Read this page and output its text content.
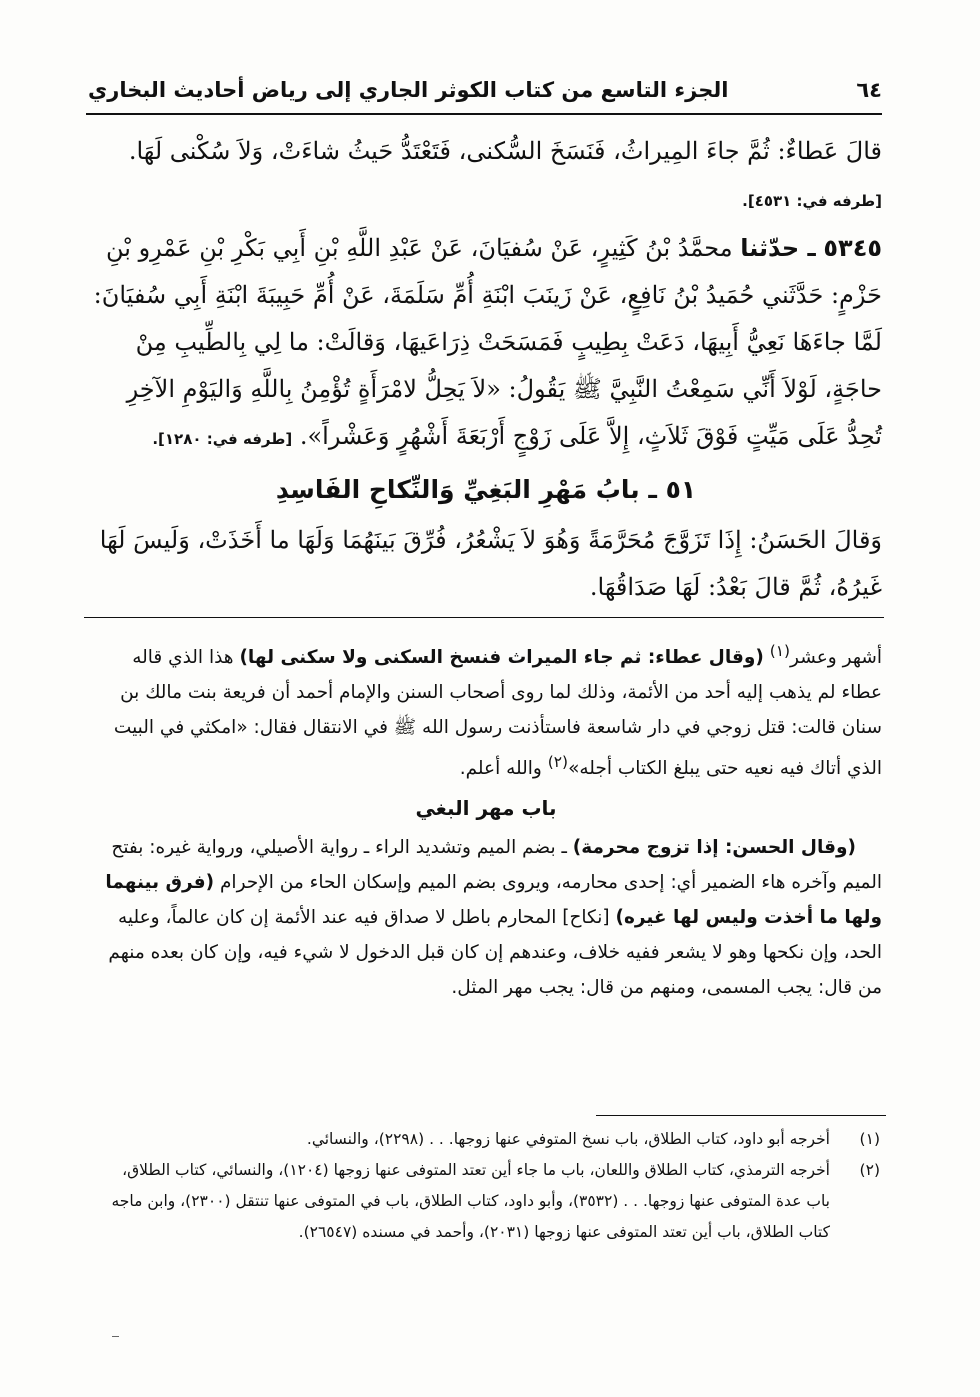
٦٤
الجزء التاسع من كتاب الكوثر الجاري إلى رياض أحاديث البخاري

قالَ عَطاءٌ: ثُمَّ جاءَ المِيراثُ، فَنَسَخَ السُّكنى، فَتَعْتَدُّ حَيثُ شاءَتْ، وَلاَ سُكْنى لَهَا.

[طرفه في: ٤٥٣١].

٥٣٤٥ ـ حدّثنا محمَّدُ بْنُ كَثِيرٍ، عَنْ سُفيَانَ، عَنْ عَبْدِ اللَّهِ بْنِ أَبِي بَكْرِ بْنِ عَمْرِو بْنِ حَزْمٍ: حَدَّثَني حُمَيدُ بْنُ نَافِعٍ، عَنْ زَينَبَ ابْنَةِ أُمِّ سَلَمَةَ، عَنْ أُمِّ حَبِيبَةَ ابْنَةِ أَبِي سُفيَانَ: لَمَّا جاءَهَا نَعِيُّ أَبِيهَا، دَعَتْ بِطِيبٍ فَمَسَحَتْ ذِرَاعَيهَا، وَقالَتْ: ما لِي بِالطِّيبِ مِنْ حاجَةٍ، لَوْلاَ أَنِّي سَمِعْتُ النَّبِيَّ ﷺ يَقُولُ: «لاَ يَحِلُّ لامْرَأَةٍ تُؤْمِنُ بِاللَّهِ وَاليَوْمِ الآخِرِ تُحِدُّ عَلَى مَيِّتٍ فَوْقَ ثَلاَثٍ، إِلاَّ عَلَى زَوْجٍ أَرْبَعَةَ أَشْهُرٍ وَعَشْراً». [طرفه في: ١٢٨٠].

٥١ ـ بابُ مَهْرِ البَغِيِّ وَالنِّكاحِ الفَاسِدِ

وَقالَ الحَسَنُ: إِذَا تَزَوَّجَ مُحَرَّمَةً وَهُوَ لاَ يَشْعُرُ، فُرِّقَ بَينَهُمَا وَلَهَا ما أَخَذَتْ، وَلَيسَ لَهَا غَيرُهُ، ثُمَّ قالَ بَعْدُ: لَهَا صَدَاقُهَا.

أشهر وعشر$^{(١)}$ (وقال عطاء: ثم جاء الميراث فنسخ السكنى ولا سكنى لها) هذا الذي قاله عطاء لم يذهب إليه أحد من الأئمة، وذلك لما روى أصحاب السنن والإمام أحمد أن فريعة بنت مالك بن سنان قالت: قتل زوجي في دار شاسعة فاستأذنت رسول الله ﷺ في الانتقال فقال: «امكثي في البيت الذي أتاك فيه نعيه حتى يبلغ الكتاب أجله»$^{(٢)}$ والله أعلم.

باب مهر البغي

(وقال الحسن: إذا تزوج محرمة) ـ بضم الميم وتشديد الراء ـ رواية الأصيلي، ورواية غيره: بفتح الميم وآخره هاء الضمير أي: إحدى محارمه، ويروى بضم الميم وإسكان الحاء من الإحرام (فرق بينهما ولها ما أخذت وليس لها غيره) [نكاح] المحارم باطل لا صداق فيه عند الأئمة إن كان عالماً، وعليه الحد، وإن نكحها وهو لا يشعر ففيه خلاف، وعندهم إن كان قبل الدخول لا شيء فيه، وإن كان بعده منهم من قال: يجب المسمى، ومنهم من قال: يجب مهر المثل.

(١)
أخرجه أبو داود، كتاب الطلاق، باب نسخ المتوفي عنها زوجها. . . (٢٢٩٨)، والنسائي.
(٢)
أخرجه الترمذي، كتاب الطلاق واللعان، باب ما جاء أين تعتد المتوفى عنها زوجها (١٢٠٤)، والنسائي، كتاب الطلاق، باب عدة المتوفى عنها زوجها. . . (٣٥٣٢)، وأبو داود، كتاب الطلاق، باب في المتوفى عنها تنتقل (٢٣٠٠)، وابن ماجه كتاب الطلاق، باب أين تعتد المتوفى عنها زوجها (٢٠٣١)، وأحمد في مسنده (٢٦٥٤٧).
